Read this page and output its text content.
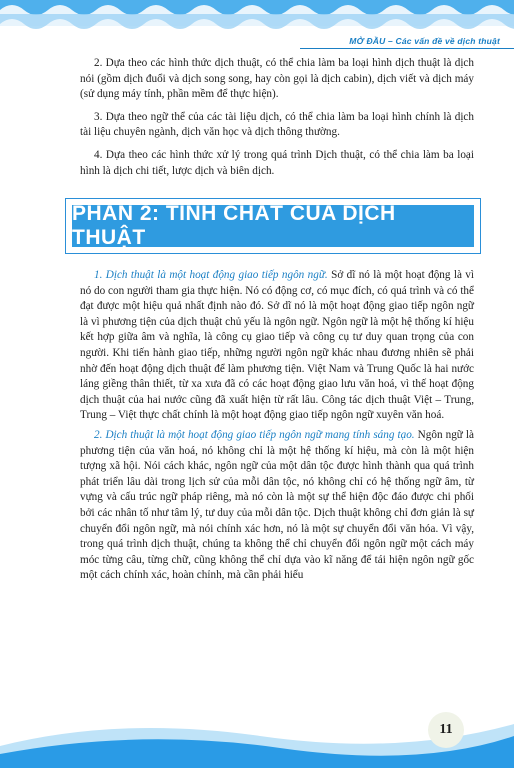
MỞ ĐẦU – Các vấn đề về dịch thuật

2. Dựa theo các hình thức dịch thuật, có thể chia làm ba loại hình dịch thuật là dịch nói (gồm dịch đuổi và dịch song song, hay còn gọi là dịch cabin), dịch viết và dịch máy (sử dụng máy tính, phần mềm để thực hiện).

3. Dựa theo ngữ thể của các tài liệu dịch, có thể chia làm ba loại hình chính là dịch tài liệu chuyên ngành, dịch văn học và dịch thông thường.

4. Dựa theo các hình thức xử lý trong quá trình Dịch thuật, có thể chia làm ba loại hình là dịch chi tiết, lược dịch và biên dịch.

PHẦN 2: TÍNH CHẤT CỦA DỊCH THUẬT

1. Dịch thuật là một hoạt động giao tiếp ngôn ngữ. Sở dĩ nó là một hoạt động là vì nó do con người tham gia thực hiện. Nó có động cơ, có mục đích, có quá trình và có thể đạt được một hiệu quả nhất định nào đó. Sở dĩ nó là một hoạt động giao tiếp ngôn ngữ là vì phương tiện của dịch thuật chủ yếu là ngôn ngữ. Ngôn ngữ là một hệ thống kí hiệu kết hợp giữa âm và nghĩa, là công cụ giao tiếp và công cụ tư duy quan trọng của con người. Khi tiến hành giao tiếp, những người ngôn ngữ khác nhau đương nhiên sẽ phải nhờ đến hoạt động dịch thuật để làm phương tiện. Việt Nam và Trung Quốc là hai nước láng giềng thân thiết, từ xa xưa đã có các hoạt động giao lưu văn hoá, vì thế hoạt động dịch thuật của hai nước cũng đã xuất hiện từ rất lâu. Công tác dịch thuật Việt – Trung, Trung – Việt thực chất chính là một hoạt động giao tiếp ngôn ngữ xuyên văn hoá.

2. Dịch thuật là một hoạt động giao tiếp ngôn ngữ mang tính sáng tạo. Ngôn ngữ là phương tiện của văn hoá, nó không chỉ là một hệ thống kí hiệu, mà còn là một hiện tượng xã hội. Nói cách khác, ngôn ngữ của một dân tộc được hình thành qua quá trình phát triển lâu dài trong lịch sử của mỗi dân tộc, nó không chỉ có hệ thống ngữ âm, từ vựng và cấu trúc ngữ pháp riêng, mà nó còn là một sự thể hiện độc đáo được chi phối bởi các nhân tố như tâm lý, tư duy của mỗi dân tộc. Dịch thuật không chỉ đơn giản là sự chuyển đổi ngôn ngữ, mà nói chính xác hơn, nó là một sự chuyển đổi văn hóa. Vì vậy, trong quá trình dịch thuật, chúng ta không thể chỉ chuyển đổi ngôn ngữ một cách máy móc từng câu, từng chữ, cũng không thể chỉ dựa vào kĩ năng để tái hiện ngôn ngữ gốc một cách chính xác, hoàn chỉnh, mà cần phải hiểu

11
